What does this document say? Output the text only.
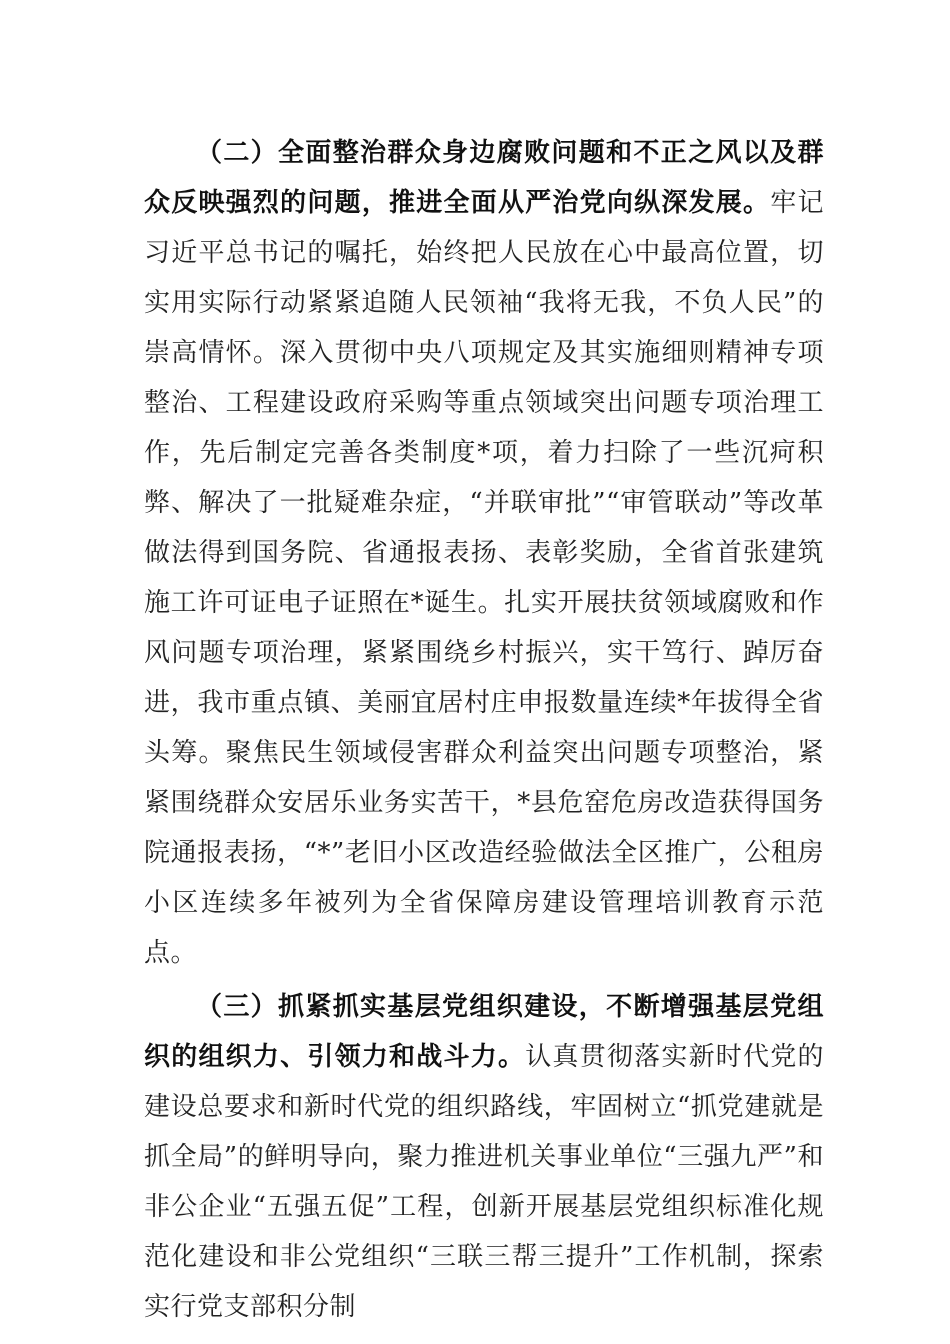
（二）全面整治群众身边腐败问题和不正之风以及群众反映强烈的问题，推进全面从严治党向纵深发展。牢记习近平总书记的嘱托，始终把人民放在心中最高位置，切实用实际行动紧紧追随人民领袖“我将无我，不负人民”的崇高情怀。深入贯彻中央八项规定及其实施细则精神专项整治、工程建设政府采购等重点领域突出问题专项治理工作，先后制定完善各类制度*项，着力扫除了一些沉疴积弊、解决了一批疑难杂症，“并联审批”“审管联动”等改革做法得到国务院、省通报表扬、表彰奖励，全省首张建筑施工许可证电子证照在*诞生。扎实开展扶贫领域腐败和作风问题专项治理，紧紧围绕乡村振兴，实干笃行、踔厉奋进，我市重点镇、美丽宜居村庄申报数量连续*年拔得全省头筹。聚焦民生领域侵害群众利益突出问题专项整治，紧紧围绕群众安居乐业务实苦干，*县危窑危房改造获得国务院通报表扬，“*”老旧小区改造经验做法全区推广，公租房小区连续多年被列为全省保障房建设管理培训教育示范点。

（三）抓紧抓实基层党组织建设，不断增强基层党组织的组织力、引领力和战斗力。认真贯彻落实新时代党的建设总要求和新时代党的组织路线，牢固树立“抓党建就是抓全局”的鲜明导向，聚力推进机关事业单位“三强九严”和非公企业“五强五促”工程，创新开展基层党组织标准化规范化建设和非公党组织“三联三帮三提升”工作机制，探索实行党支部积分制
